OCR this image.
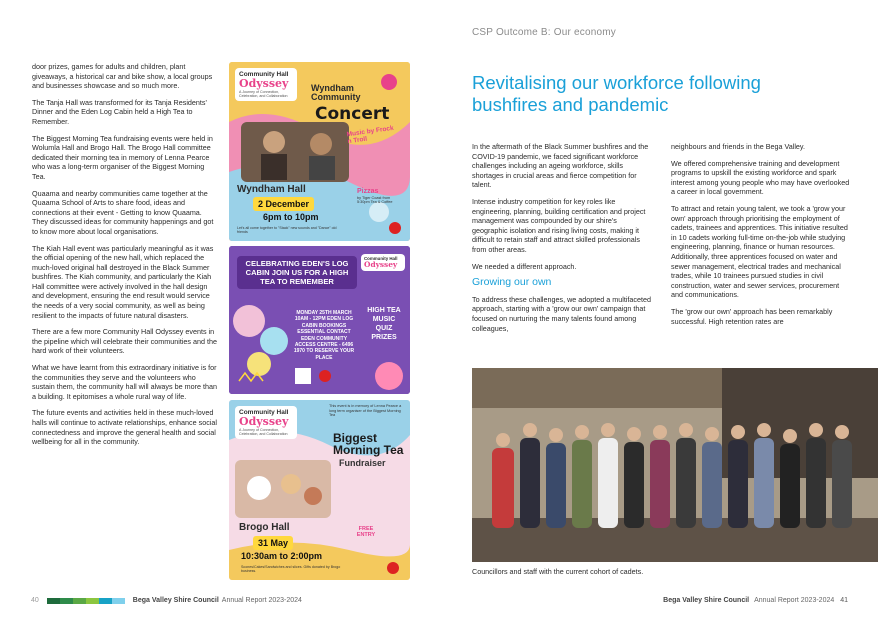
door prizes, games for adults and children, plant giveaways, a historical car and bike show, a local groups and businesses showcase and so much more.

The Tanja Hall was transformed for its Tanja Residents' Dinner and the Eden Log Cabin held a High Tea to Remember.

The Biggest Morning Tea fundraising events were held in Wolumla Hall and Brogo Hall. The Brogo Hall committee dedicated their morning tea in memory of Lenna Pearce who was a long-term organiser of the Biggest Morning Tea.

Quaama and nearby communities came together at the Quaama School of Arts to share food, ideas and connections at their event - Getting to know Quaama. They discussed ideas for community happenings and got to know more about local organisations.

The Kiah Hall event was particularly meaningful as it was the official opening of the new hall, which replaced the much-loved original hall destroyed in the Black Summer bushfires. The Kiah community, and particularly the Kiah Hall committee were actively involved in the hall design and development, ensuring the end result would service the needs of a very social community, as well as being resilient to the impacts of future natural disasters.

There are a few more Community Hall Odyssey events in the pipeline which will celebrate their communities and the hard work of their volunteers.

What we have learnt from this extraordinary initiative is for the communities they serve and the volunteers who sustain them, the community hall will always be more than a building. It epitomises a whole rural way of life.

The future events and activities held in these much-loved halls will continue to activate relationships, enhance social connectedness and improve the general health and social wellbeing for all in the community.

Community Hall
Odyssey
A Journey of Connection, Celebration, and Collaboration
Wyndham Community
Concert
Music by Frock n Troll
Wyndham Hall
2 December
6pm to 10pm
Pizzas
by Tiger Coast from 5:30pm Tea & Coffee
Let's all come together to "Stack" new sounds and "Dance" old friends
CELEBRATING EDEN'S LOG CABIN JOIN US FOR A HIGH TEA TO REMEMBER
Community Hall
Odyssey
MONDAY 25TH MARCH 10AM - 12PM EDEN LOG CABIN BOOKINGS ESSENTIAL CONTACT EDEN COMMUNITY ACCESS CENTRE - 6496 1970 TO RESERVE YOUR PLACE
HIGH TEA MUSIC QUIZ PRIZES
Community Hall
Odyssey
A Journey of Connection, Celebration, and Collaboration
This event is in memory of Lenna Pearce a long term organiser of the Biggest Morning Tea
Biggest Morning Tea
Fundraiser
Brogo Hall
31 May
10:30am to 2:00pm
FREE ENTRY
Scones/Cakes/Sandwiches and slices. Gifts donated by Brogo business.
40	Bega Valley Shire Council Annual Report 2023-2024
CSP Outcome B: Our economy
Revitalising our workforce following bushfires and pandemic

In the aftermath of the Black Summer bushfires and the COVID-19 pandemic, we faced significant workforce challenges including an ageing workforce, skills shortages in crucial areas and fierce competition for talent.

Intense industry competition for key roles like engineering, planning, building certification and project management was compounded by our shire's geographic isolation and rising living costs, making it difficult to retain staff and attract skilled professionals from other areas.

We needed a different approach.

Growing our own

To address these challenges, we adopted a multifaceted approach, starting with a 'grow our own' campaign that focused on nurturing the many talents found among colleagues,

neighbours and friends in the Bega Valley.

We offered comprehensive training and development programs to upskill the existing workforce and spark interest among young people who may have overlooked a career in local government.

To attract and retain young talent, we took a 'grow your own' approach through prioritising the employment of cadets, trainees and apprentices. This initiative resulted in 10 cadets working full-time on-the-job while studying engineering, planning, finance or human resources. Additionally, three apprentices focused on water and sewer management, electrical trades and mechanical trades, while 10 trainees pursued studies in civil construction, water and sewer services, procurement and communications.

The 'grow our own' approach has been remarkably successful. High retention rates are

Councillors and staff with the current cohort of cadets.
Bega Valley Shire Council Annual Report 2023-2024 41
